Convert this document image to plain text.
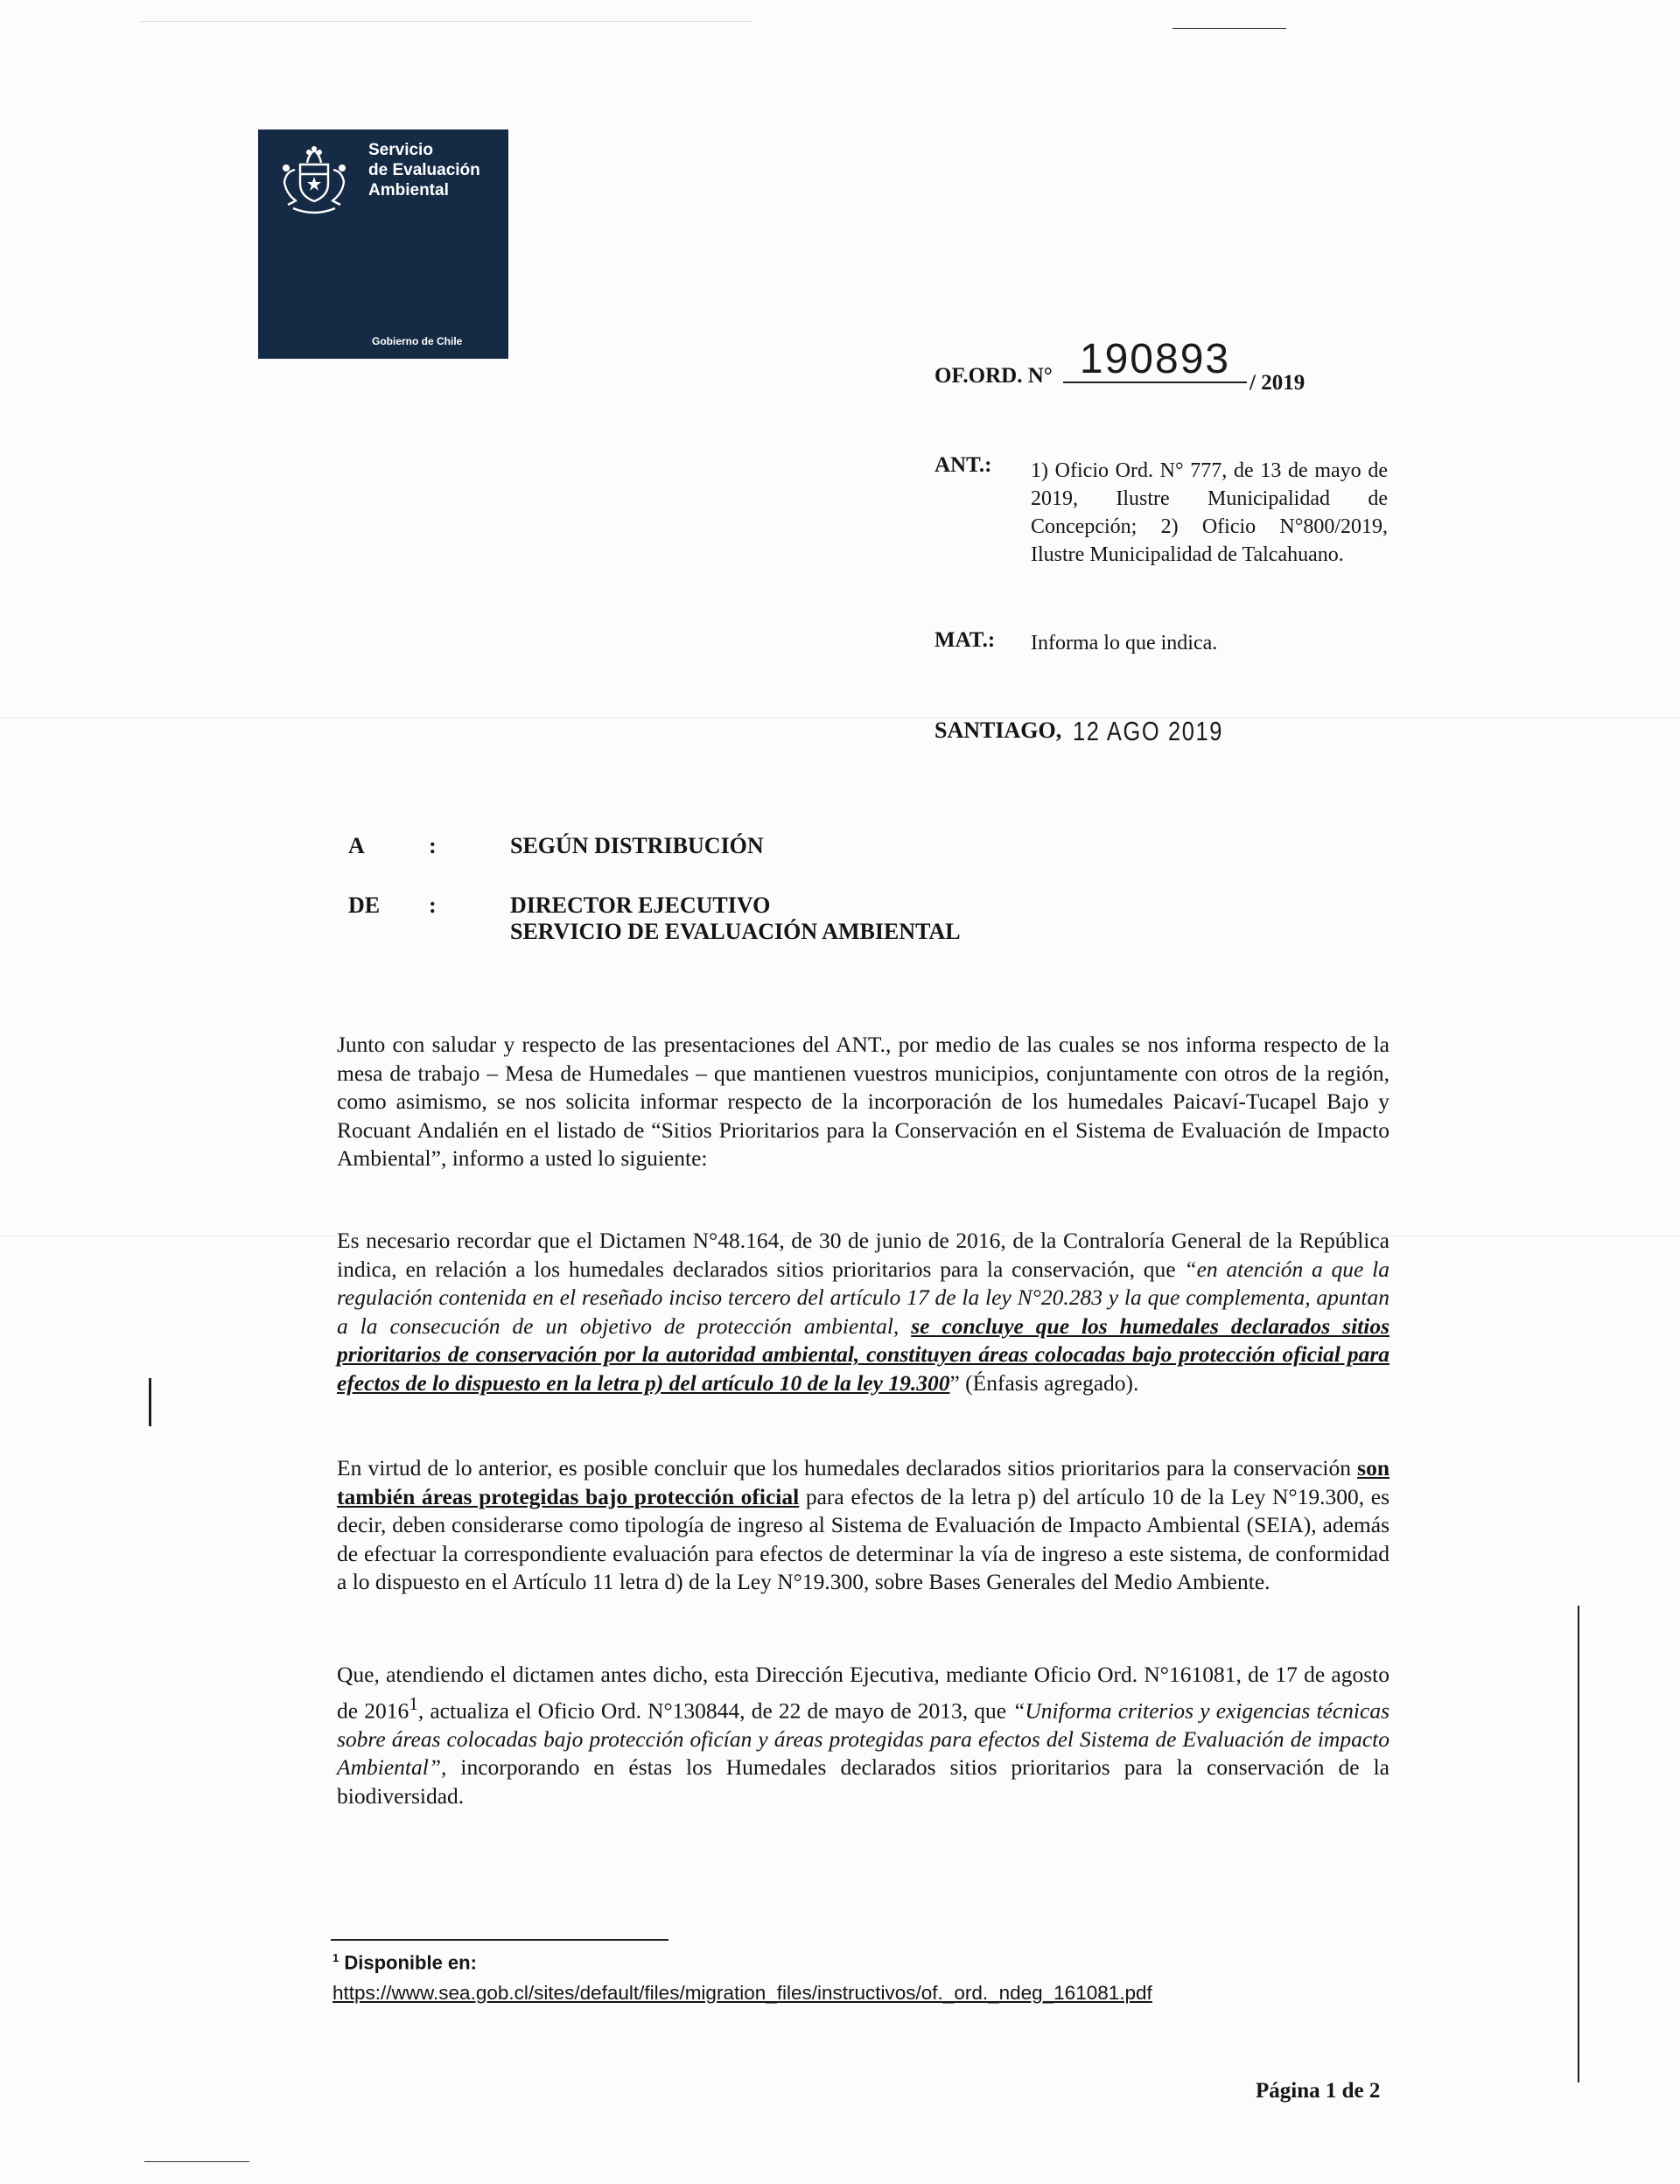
Servicio
de Evaluación
Ambiental
Gobierno de Chile
OF.ORD. N° 190893
/ 2019
ANT.: 1) Oficio Ord. N° 777, de 13 de mayo de 2019, Ilustre Municipalidad de Concepción; 2) Oficio N°800/2019, Ilustre Municipalidad de Talcahuano.
MAT.: Informa lo que indica.
SANTIAGO, 12 AGO 2019
A	:	SEGÚN DISTRIBUCIÓN
DE :	DIRECTOR EJECUTIVO
SERVICIO DE EVALUACIÓN AMBIENTAL

Junto con saludar y respecto de las presentaciones del ANT., por medio de las cuales se nos informa respecto de la mesa de trabajo – Mesa de Humedales – que mantienen vuestros municipios, conjuntamente con otros de la región, como asimismo, se nos solicita informar respecto de la incorporación de los humedales Paicaví-Tucapel Bajo y Rocuant Andalién en el listado de “Sitios Prioritarios para la Conservación en el Sistema de Evaluación de Impacto Ambiental”, informo a usted lo siguiente:

Es necesario recordar que el Dictamen N°48.164, de 30 de junio de 2016, de la Contraloría General de la República indica, en relación a los humedales declarados sitios prioritarios para la conservación, que “en atención a que la regulación contenida en el reseñado inciso tercero del artículo 17 de la ley N°20.283 y la que complementa, apuntan a la consecución de un objetivo de protección ambiental, se concluye que los humedales declarados sitios prioritarios de conservación por la autoridad ambiental, constituyen áreas colocadas bajo protección oficial para efectos de lo dispuesto en la letra p) del artículo 10 de la ley 19.300” (Énfasis agregado).

En virtud de lo anterior, es posible concluir que los humedales declarados sitios prioritarios para la conservación son también áreas protegidas bajo protección oficial para efectos de la letra p) del artículo 10 de la Ley N°19.300, es decir, deben considerarse como tipología de ingreso al Sistema de Evaluación de Impacto Ambiental (SEIA), además de efectuar la correspondiente evaluación para efectos de determinar la vía de ingreso a este sistema, de conformidad a lo dispuesto en el Artículo 11 letra d) de la Ley N°19.300, sobre Bases Generales del Medio Ambiente.

Que, atendiendo el dictamen antes dicho, esta Dirección Ejecutiva, mediante Oficio Ord. N°161081, de 17 de agosto de 2016$^1$, actualiza el Oficio Ord. N°130844, de 22 de mayo de 2013, que “Uniforma criterios y exigencias técnicas sobre áreas colocadas bajo protección oficían y áreas protegidas para efectos del Sistema de Evaluación de impacto Ambiental”, incorporando en éstas los Humedales declarados sitios prioritarios para la conservación de la biodiversidad.

$^1$ Disponible en:
https://www.sea.gob.cl/sites/default/files/migration_files/instructivos/of._ord._ndeg_161081.pdf
Página 1 de 2
